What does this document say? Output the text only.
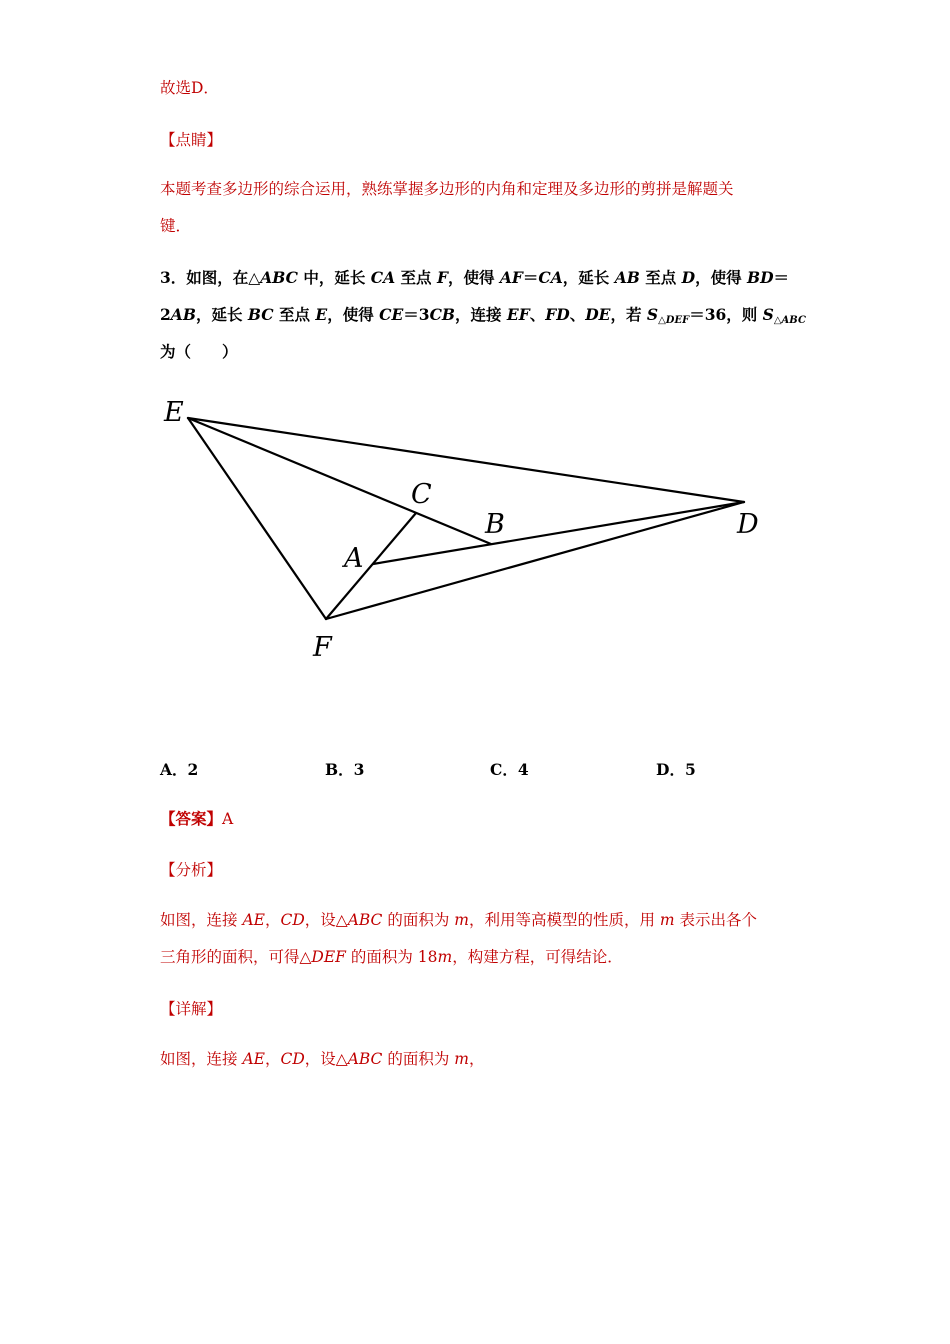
故选D．
【点睛】
本题考查多边形的综合运用，熟练掌握多边形的内角和定理及多边形的剪拼是解题关
键．
3．如图，在△ABC 中，延长 CA 至点 F，使得 AF＝CA，延长 AB 至点 D，使得 BD＝
2AB，延长 BC 至点 E，使得 CE＝3CB，连接 EF、FD、DE，若 $S_{\triangle DEF}=36$，则 $S_{\triangle ABC}$
为（　　）
E
C
B	D
A
F
A．2	B．3	C．4	D．5
【答案】A
【分析】
如图，连接 AE，CD，设△ABC 的面积为 m，利用等高模型的性质，用 m 表示出各个
三角形的面积，可得△DEF 的面积为 18m，构建方程，可得结论．
【详解】
如图，连接 AE，CD，设△ABC 的面积为 m，
